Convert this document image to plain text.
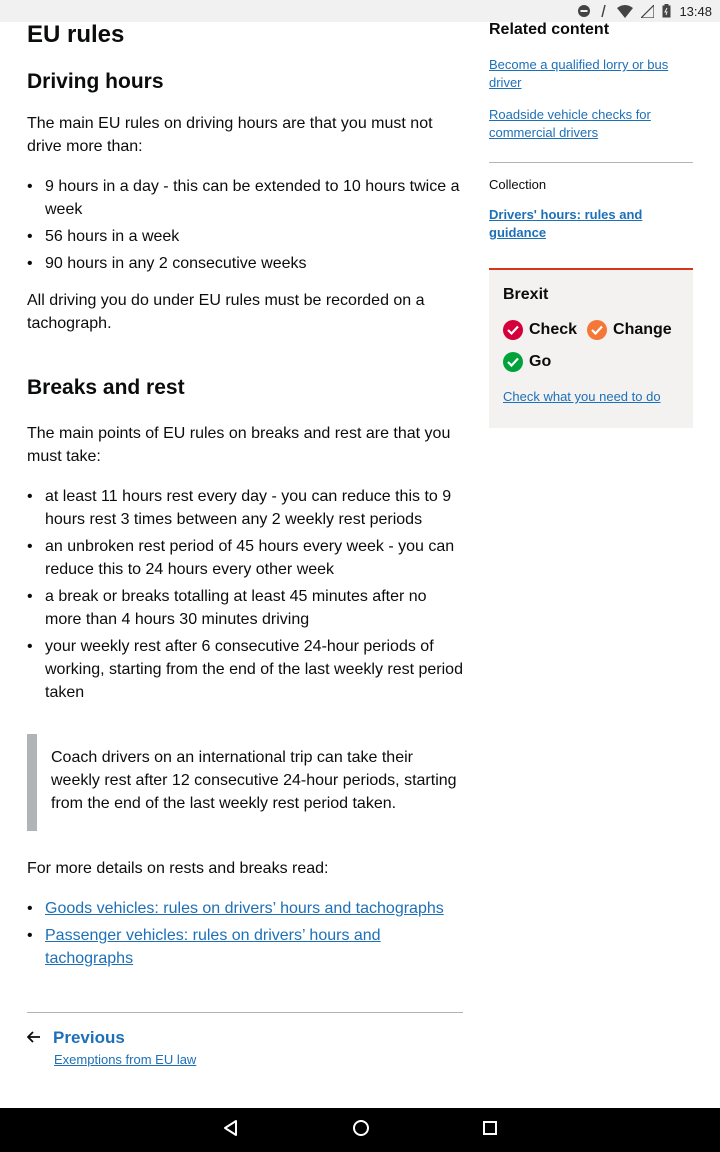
13:48
EU rules
Driving hours

The main EU rules on driving hours are that you must not drive more than:

• 9 hours in a day - this can be extended to 10 hours twice a week
• 56 hours in a week
• 90 hours in any 2 consecutive weeks

All driving you do under EU rules must be recorded on a tachograph.

Breaks and rest

The main points of EU rules on breaks and rest are that you must take:

• at least 11 hours rest every day - you can reduce this to 9 hours rest 3 times between any 2 weekly rest periods
• an unbroken rest period of 45 hours every week - you can reduce this to 24 hours every other week
• a break or breaks totalling at least 45 minutes after no more than 4 hours 30 minutes driving
• your weekly rest after 6 consecutive 24-hour periods of working, starting from the end of the last weekly rest period taken
Coach drivers on an international trip can take their weekly rest after 12 consecutive 24-hour periods, starting from the end of the last weekly rest period taken.

For more details on rests and breaks read:

• Goods vehicles: rules on drivers’ hours and tachographs
• Passenger vehicles: rules on drivers’ hours and tachographs
Previous
Exemptions from EU law
Related content
Become a qualified lorry or bus driver
Roadside vehicle checks for commercial drivers
Collection
Drivers' hours: rules and guidance
Brexit
Check Change
Go
Check what you need to do
